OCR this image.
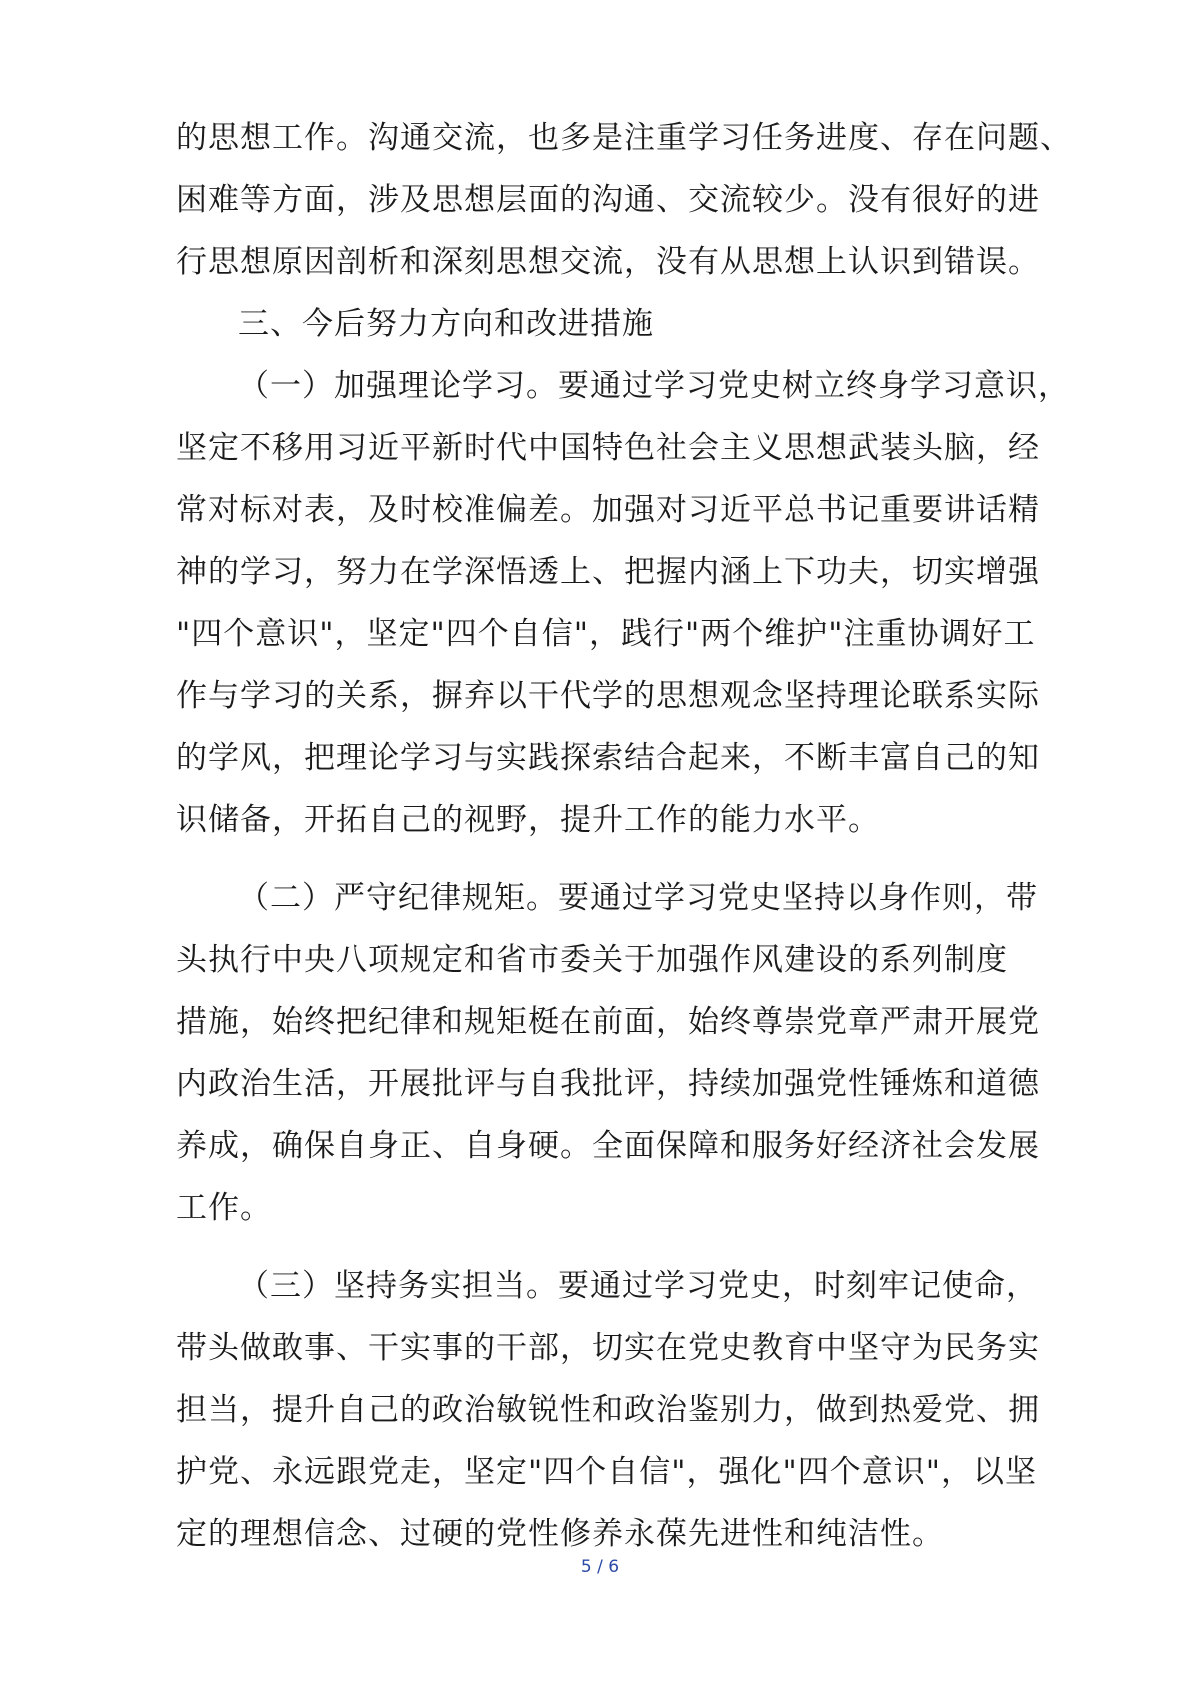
的思想工作。沟通交流，也多是注重学习任务进度、存在问题、
困难等方面，涉及思想层面的沟通、交流较少。没有很好的进
行思想原因剖析和深刻思想交流，没有从思想上认识到错误。
三、今后努力方向和改进措施
（一）加强理论学习。要通过学习党史树立终身学习意识，
坚定不移用习近平新时代中国特色社会主义思想武装头脑，经
常对标对表，及时校准偏差。加强对习近平总书记重要讲话精
神的学习，努力在学深悟透上、把握内涵上下功夫，切实增强
"四个意识"，坚定"四个自信"，践行"两个维护"注重协调好工
作与学习的关系，摒弃以干代学的思想观念坚持理论联系实际
的学风，把理论学习与实践探索结合起来，不断丰富自己的知
识储备，开拓自己的视野，提升工作的能力水平。
（二）严守纪律规矩。要通过学习党史坚持以身作则，带
头执行中央八项规定和省市委关于加强作风建设的系列制度
措施，始终把纪律和规矩梃在前面，始终尊崇党章严肃开展党
内政治生活，开展批评与自我批评，持续加强党性锤炼和道德
养成，确保自身正、自身硬。全面保障和服务好经济社会发展
工作。
（三）坚持务实担当。要通过学习党史，时刻牢记使命，
带头做敢事、干实事的干部，切实在党史教育中坚守为民务实
担当，提升自己的政治敏锐性和政治鉴别力，做到热爱党、拥
护党、永远跟党走，坚定"四个自信"，强化"四个意识"，以坚
定的理想信念、过硬的党性修养永葆先进性和纯洁性。
5 / 6
